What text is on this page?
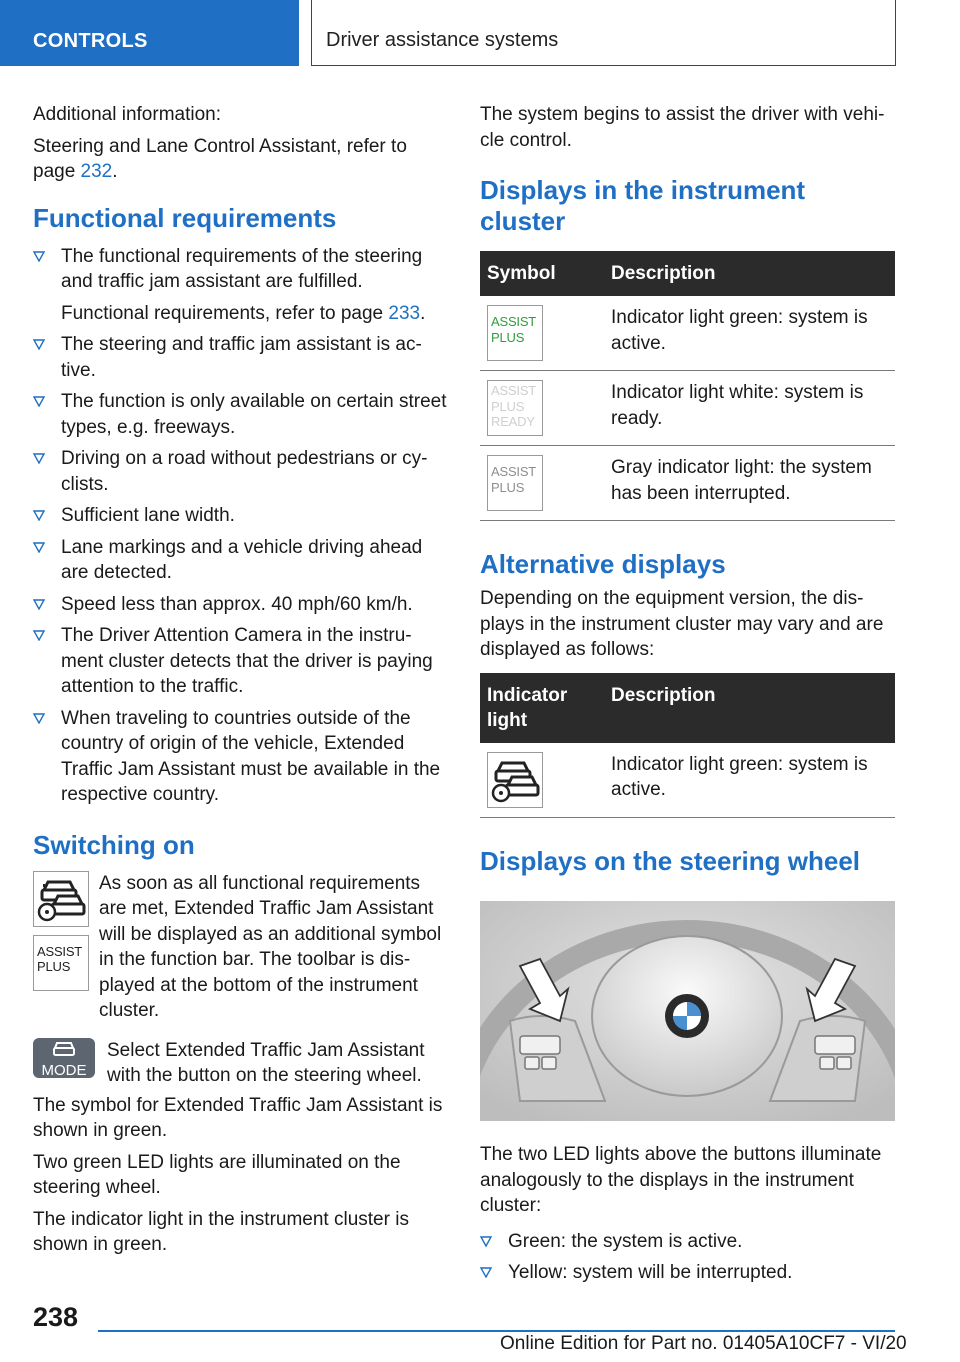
CONTROLS	Driver assistance systems

Additional information:

Steering and Lane Control Assistant, refer to page 232.

Functional requirements
The functional requirements of the steering and traffic jam assistant are fulfilled.
Functional requirements, refer to page 233.
The steering and traffic jam assistant is ac‐tive.
The function is only available on certain street types, e.g. freeways.
Driving on a road without pedestrians or cy‐clists.
Sufficient lane width.
Lane markings and a vehicle driving ahead are detected.
Speed less than approx. 40 mph/60 km/h.
The Driver Attention Camera in the instru‐ment cluster detects that the driver is paying attention to the traffic.
When traveling to countries outside of the country of origin of the vehicle, Extended Traffic Jam Assistant must be available in the respective country.
Switching on
ASSIST
PLUS
As soon as all functional requirements are met, Extended Traffic Jam Assistant will be displayed as an additional symbol in the function bar. The toolbar is dis‐played at the bottom of the instrument cluster.
MODE
Select Extended Traffic Jam Assistant with the button on the steering wheel.

The symbol for Extended Traffic Jam Assistant is shown in green.

Two green LED lights are illuminated on the steering wheel.

The indicator light in the instrument cluster is shown in green.

The system begins to assist the driver with vehi‐cle control.

Displays in the instrument cluster
Symbol	Description

ASSIST
PLUS	Indicator light green: system is active.

ASSIST
PLUS
READY	Indicator light white: system is ready.

ASSIST
PLUS	Gray indicator light: the system has been interrupted.
Alternative displays

Depending on the equipment version, the dis‐plays in the instrument cluster may vary and are displayed as follows:

Indicator light	Description

	Indicator light green: system is active.
Displays on the steering wheel

The two LED lights above the buttons illuminate analogously to the displays in the instrument cluster:

Green: the system is active.
Yellow: system will be interrupted.
238
Online Edition for Part no. 01405A10CF7 - VI/20
